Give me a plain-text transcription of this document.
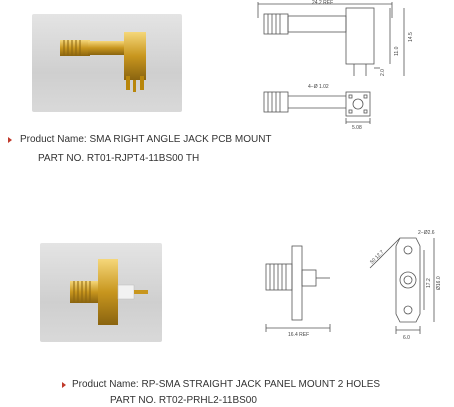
24.2 REF
11.0
14.5
2.0
4−Ø 1.02
5.08
Product Name: SMA RIGHT ANGLE JACK PCB MOUNT
PART NO. RT01-RJPT4-11BS00 TH
16.4 REF	6.0
17.2 Ø16.0
50 12.7
2−Ø2.6
Product Name: RP-SMA STRAIGHT JACK PANEL MOUNT 2 HOLES
PART NO. RT02-PRHL2-11BS00
